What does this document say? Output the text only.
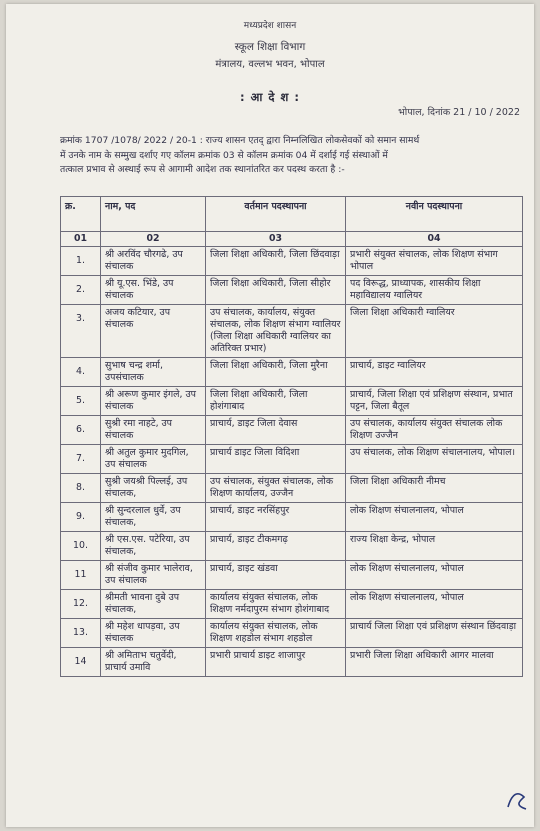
मध्यप्रदेश शासन
स्कूल शिक्षा विभाग
मंत्रालय, वल्लभ भवन, भोपाल
: आ दे श :
भोपाल, दिनांक 21 / 10 / 2022
क्रमांक 1707 /1078/ 2022 / 20-1 : राज्य शासन एतद् द्वारा निम्नलिखित लोकसेवकों को समान सामर्थ
में उनके नाम के सम्मुख दर्शाए गए कॉलम क्रमांक 03 से कॉलम क्रमांक 04 में दर्शाई गई संस्थाओं में
तत्काल प्रभाव से अस्थाई रूप से आगामी आदेश तक स्थानांतरित कर पदस्थ करता है :-
क्र.	नाम, पद	वर्तमान पदस्थापना	नवीन पदस्थापना
01	02	03	04
1.	श्री अरविंद चौरगढे, उप संचालक	जिला शिक्षा अधिकारी, जिला छिंदवाड़ा	प्रभारी संयुक्त संचालक, लोक शिक्षण संभाग भोपाल
2.	श्री यू.एस. भिंडे, उप संचालक	जिला शिक्षा अधिकारी, जिला सीहोर	पद विरूद्ध, प्राध्यापक, शासकीय शिक्षा महाविद्यालय ग्वालियर
3.	अजय कटियार, उप संचालक	उप संचालक, कार्यालय, संयुक्त संचालक, लोक शिक्षण संभाग ग्वालियर (जिला शिक्षा अधिकारी ग्वालियर का अतिरिक्त प्रभार)	जिला शिक्षा अधिकारी ग्वालियर
4.	सुभाष चन्द्र शर्मा, उपसंचालक	जिला शिक्षा अधिकारी, जिला मुरैना	प्राचार्य, डाइट ग्वालियर
5.	श्री अरूण कुमार इंगले, उप संचालक	जिला शिक्षा अधिकारी, जिला होशंगाबाद	प्राचार्य, जिला शिक्षा एवं प्रशिक्षण संस्थान, प्रभात पट्टन, जिला बैतूल
6.	सुश्री रमा नाहटे, उप संचालक	प्राचार्य, डाइट जिला देवास	उप संचालक, कार्यालय संयुक्त संचालक लोक शिक्षण उज्जैन
7.	श्री अतुल कुमार मुदगिल, उप संचालक	प्राचार्य डाइट जिला विदिशा	उप संचालक, लोक शिक्षण संचालनालय, भोपाल।
8.	सुश्री जयश्री पिल्लई, उप संचालक,	उप संचालक, संयुक्त संचालक, लोक शिक्षण कार्यालय, उज्जैन	जिला शिक्षा अधिकारी नीमच
9.	श्री सुन्दरलाल धुर्वे, उप संचालक,	प्राचार्य, डाइट नरसिंहपुर	लोक शिक्षण संचालनालय, भोपाल
10.	श्री एस.एस. पटेरिया, उप संचालक,	प्राचार्य, डाइट टीकमगढ़	राज्य शिक्षा केन्द्र, भोपाल
11	श्री संजीव कुमार भालेराव, उप संचालक	प्राचार्य, डाइट खंडवा	लोक शिक्षण संचालनालय, भोपाल
12.	श्रीमती भावना दुबे उप संचालक,	कार्यालय संयुक्त संचालक, लोक शिक्षण नर्मदापुरम संभाग होशंगाबाद	लोक शिक्षण संचालनालय, भोपाल
13.	श्री महेश धापड़वा, उप संचालक	कार्यालय संयुक्त संचालक, लोक शिक्षण शहडोल संभाग शहडोल	प्राचार्य जिला शिक्षा एवं प्रशिक्षण संस्थान छिंदवाड़ा
14	श्री अमिताभ चतुर्वेदी, प्राचार्य उमावि	प्रभारी प्राचार्य डाइट शाजापुर	प्रभारी जिला शिक्षा अधिकारी आगर मालवा
